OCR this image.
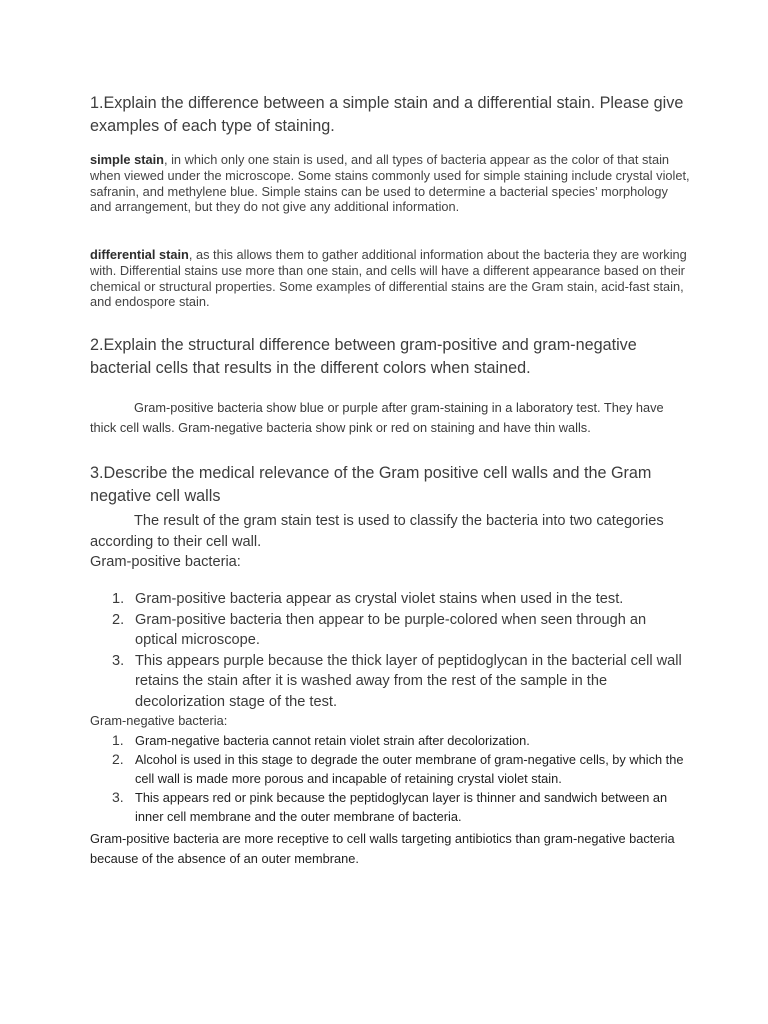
1.Explain the difference between a simple stain and a differential stain. Please give examples of each type of staining.

simple stain, in which only one stain is used, and all types of bacteria appear as the color of that stain when viewed under the microscope. Some stains commonly used for simple staining include crystal violet, safranin, and methylene blue. Simple stains can be used to determine a bacterial species’ morphology and arrangement, but they do not give any additional information.

differential stain, as this allows them to gather additional information about the bacteria they are working with. Differential stains use more than one stain, and cells will have a different appearance based on their chemical or structural properties. Some examples of differential stains are the Gram stain, acid-fast stain, and endospore stain.

2.Explain the structural difference between gram-positive and gram-negative bacterial cells that results in the different colors when stained.

Gram-positive bacteria show blue or purple after gram-staining in a laboratory test. They have thick cell walls. Gram-negative bacteria show pink or red on staining and have thin walls.

3.Describe the medical relevance of the Gram positive cell walls and the Gram negative cell walls

The result of the gram stain test is used to classify the bacteria into two categories according to their cell wall.

Gram-positive bacteria:

1. Gram-positive bacteria appear as crystal violet stains when used in the test.
2. Gram-positive bacteria then appear to be purple-colored when seen through an optical microscope.
3. This appears purple because the thick layer of peptidoglycan in the bacterial cell wall retains the stain after it is washed away from the rest of the sample in the decolorization stage of the test.

Gram-negative bacteria:

1. Gram-negative bacteria cannot retain violet strain after decolorization.
2. Alcohol is used in this stage to degrade the outer membrane of gram-negative cells, by which the cell wall is made more porous and incapable of retaining crystal violet stain.
3. This appears red or pink because the peptidoglycan layer is thinner and sandwich between an inner cell membrane and the outer membrane of bacteria.

Gram-positive bacteria are more receptive to cell walls targeting antibiotics than gram-negative bacteria because of the absence of an outer membrane.
